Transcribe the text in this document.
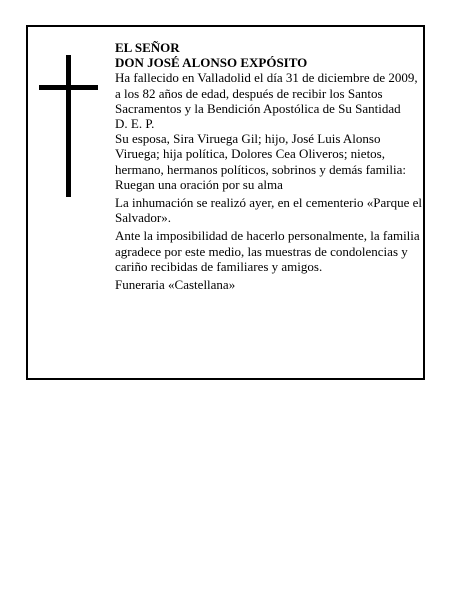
EL SEÑOR
DON JOSÉ ALONSO EXPÓSITO

Ha fallecido en Valladolid el día 31 de diciembre de 2009, a los 82 años de edad, después de recibir los Santos Sacramentos y la Bendición Apostólica de Su Santidad

D. E. P.

Su esposa, Sira Viruega Gil; hijo, José Luis Alonso Viruega; hija política, Dolores Cea Oliveros; nietos, hermano, hermanos políticos, sobrinos y demás familia:

Ruegan una oración por su alma

La inhumación se realizó ayer, en el cementerio «Parque el Salvador».

Ante la imposibilidad de hacerlo personalmente, la familia agradece por este medio, las muestras de condolencias y cariño recibidas de familiares y amigos.

Funeraria «Castellana»
